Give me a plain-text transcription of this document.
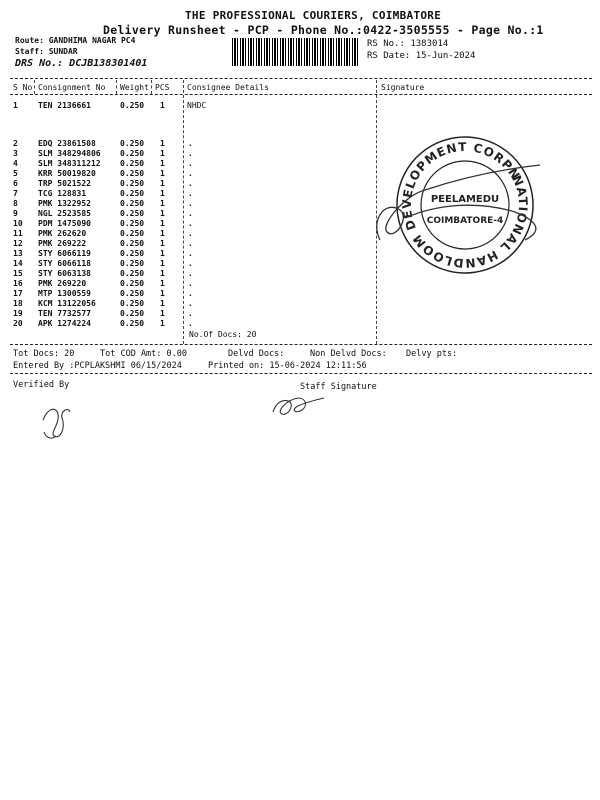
THE PROFESSIONAL COURIERS, COIMBATORE
Delivery Runsheet - PCP - Phone No.:0422-3505555 - Page No.:1
Route: GANDHIMA NAGAR PC4
Staff: SUNDAR
DRS No.: DCJB138301401
RS No.: 1383014
RS Date: 15-Jun-2024
S No Consignment No Weight PCS Consignee Details	Signature
1	TEN 2136661	0.250 1	NHDC
2	EDQ 23861508	0.250 1	.
3	SLM 348294806 0.250 1	.
4	SLM 348311212 0.250 1	.
5	KRR 50019820	0.250 1	.
6	TRP 5021522	0.250 1	.
7	TCG 128831	0.250 1	.
8	PMK 1322952	0.250 1	.
9	NGL 2523585	0.250 1	.
10 PDM 1475090	0.250 1	.
11 PMK 262620	0.250 1	.
12 PMK 269222	0.250 1	.
13 STY 6066119	0.250 1	.
14 STY 6066118	0.250 1	.
15 STY 6063138	0.250 1	.
16 PMK 269220	0.250 1	.
17 MTP 1300559	0.250 1	.
18 KCM 13122056	0.250 1	.
19 TEN 7732577	0.250 1	.
20 APK 1274224	0.250 1	.
No.Of Docs: 20
NATIONAL HANDLOOM DEVELOPMENT CORPN.
PEELAMEDU
COIMBATORE-4
Tot Docs: 20	Tot COD Amt: 0.00	Delvd Docs:	Non Delvd Docs: Delvy pts:
Entered By :PCPLAKSHMI 06/15/2024	Printed on: 15-06-2024 12:11:56
Verified By	Staff Signature
